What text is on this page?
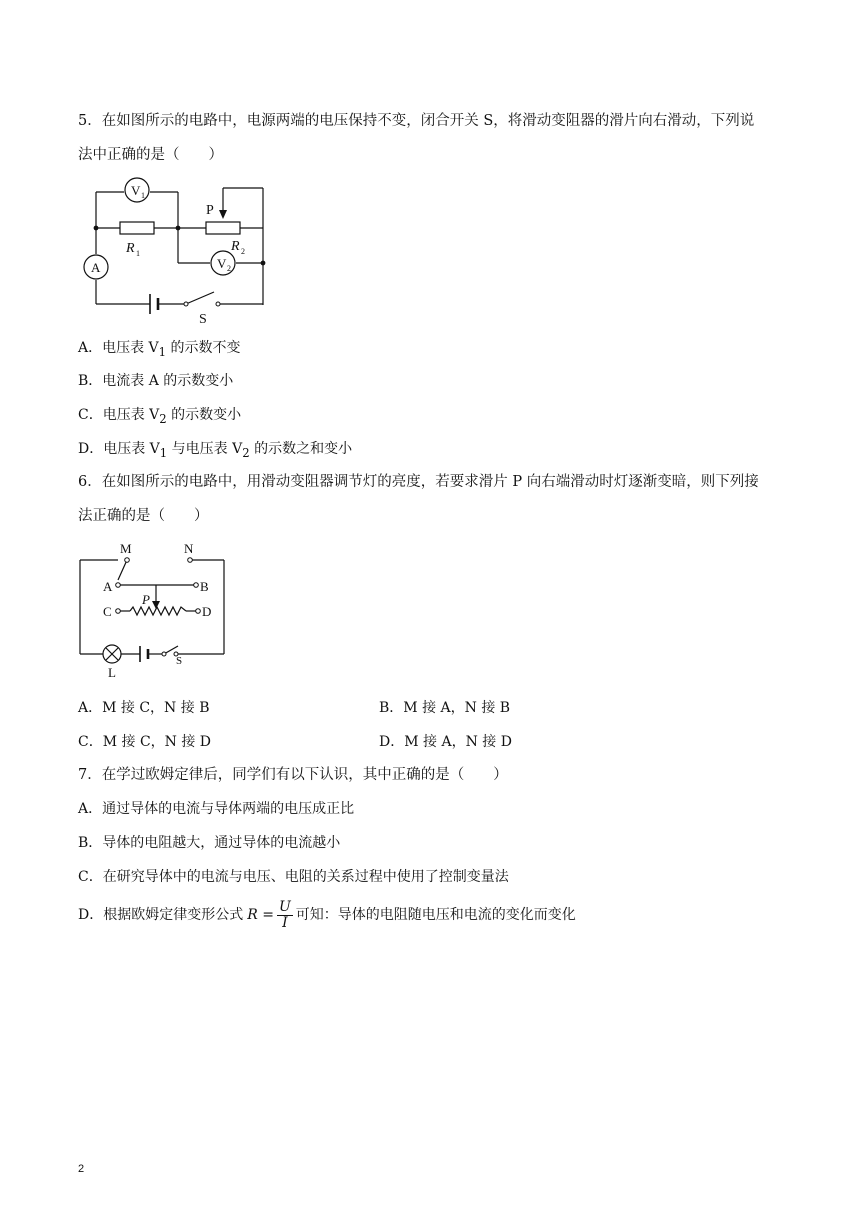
5．在如图所示的电路中，电源两端的电压保持不变，闭合开关 S，将滑动变阻器的滑片向右滑动，下列说
法中正确的是（　　）
V 1
V 2
A
R 1	R 2
P
S
A．电压表 $V_1$ 的示数不变
B．电流表 A 的示数变小
C．电压表 $V_2$ 的示数变小
D．电压表 $V_1$ 与电压表 $V_2$ 的示数之和变小
6．在如图所示的电路中，用滑动变阻器调节灯的亮度，若要求滑片 P 向右端滑动时灯逐渐变暗，则下列接
法正确的是（　　）
M	N
A	B
C	D
P
S
L
A．M 接 C，N 接 B	B．M 接 A，N 接 B
C．M 接 C，N 接 D	D．M 接 A，N 接 D
7．在学过欧姆定律后，同学们有以下认识，其中正确的是（　　）
A．通过导体的电流与导体两端的电压成正比
B．导体的电阻越大，通过导体的电流越小
C．在研究导体中的电流与电压、电阻的关系过程中使用了控制变量法
D．根据欧姆定律变形公式 $R = \frac{U}{I}$ 可知：导体的电阻随电压和电流的变化而变化
2
